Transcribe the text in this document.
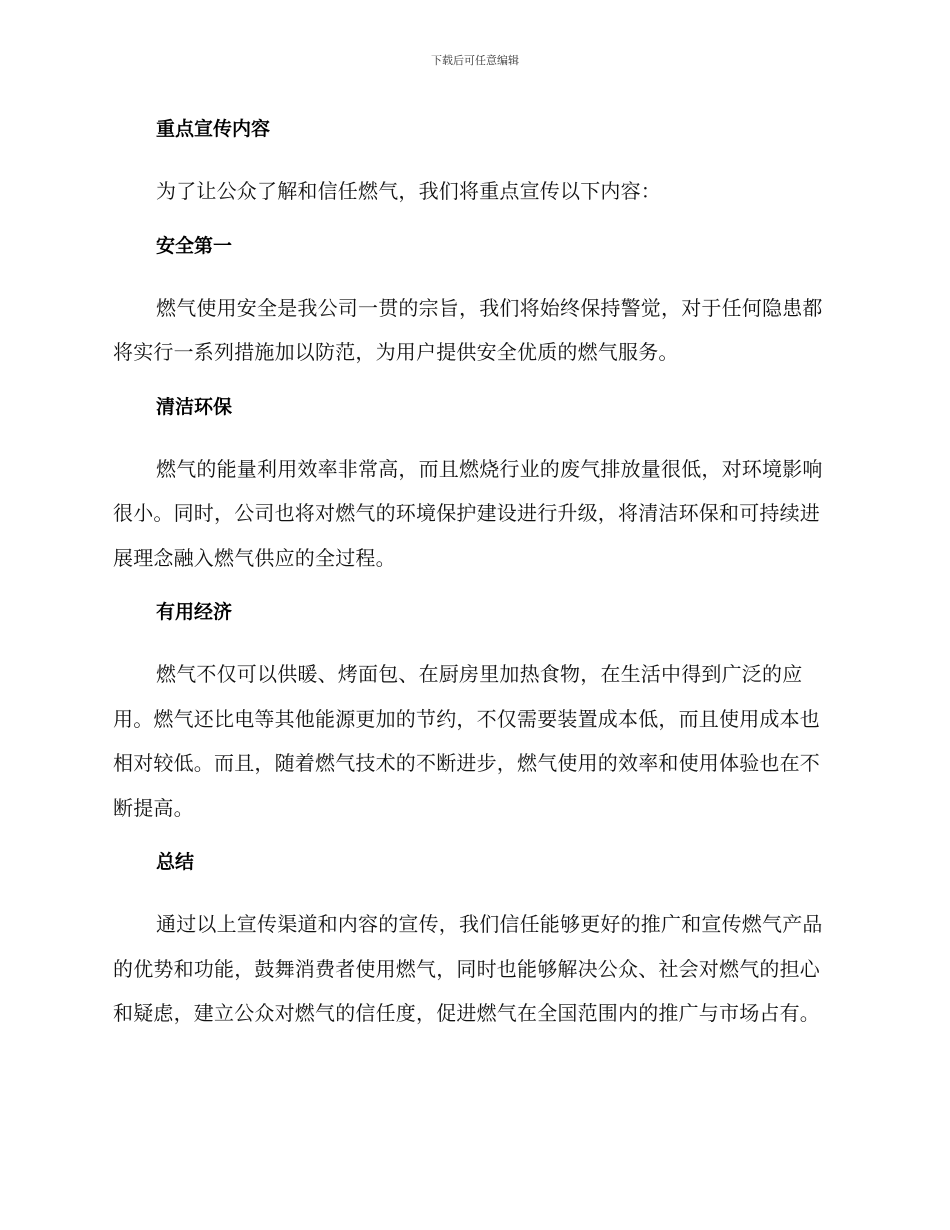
下载后可任意编辑
重点宣传内容

为了让公众了解和信任燃气，我们将重点宣传以下内容：

安全第一

燃气使用安全是我公司一贯的宗旨，我们将始终保持警觉，对于任何隐患都将实行一系列措施加以防范，为用户提供安全优质的燃气服务。

清洁环保

燃气的能量利用效率非常高，而且燃烧行业的废气排放量很低，对环境影响很小。同时，公司也将对燃气的环境保护建设进行升级，将清洁环保和可持续进展理念融入燃气供应的全过程。

有用经济

燃气不仅可以供暖、烤面包、在厨房里加热食物，在生活中得到广泛的应用。燃气还比电等其他能源更加的节约，不仅需要装置成本低，而且使用成本也相对较低。而且，随着燃气技术的不断进步，燃气使用的效率和使用体验也在不断提高。

总结

通过以上宣传渠道和内容的宣传，我们信任能够更好的推广和宣传燃气产品的优势和功能，鼓舞消费者使用燃气，同时也能够解决公众、社会对燃气的担心和疑虑，建立公众对燃气的信任度，促进燃气在全国范围内的推广与市场占有。
